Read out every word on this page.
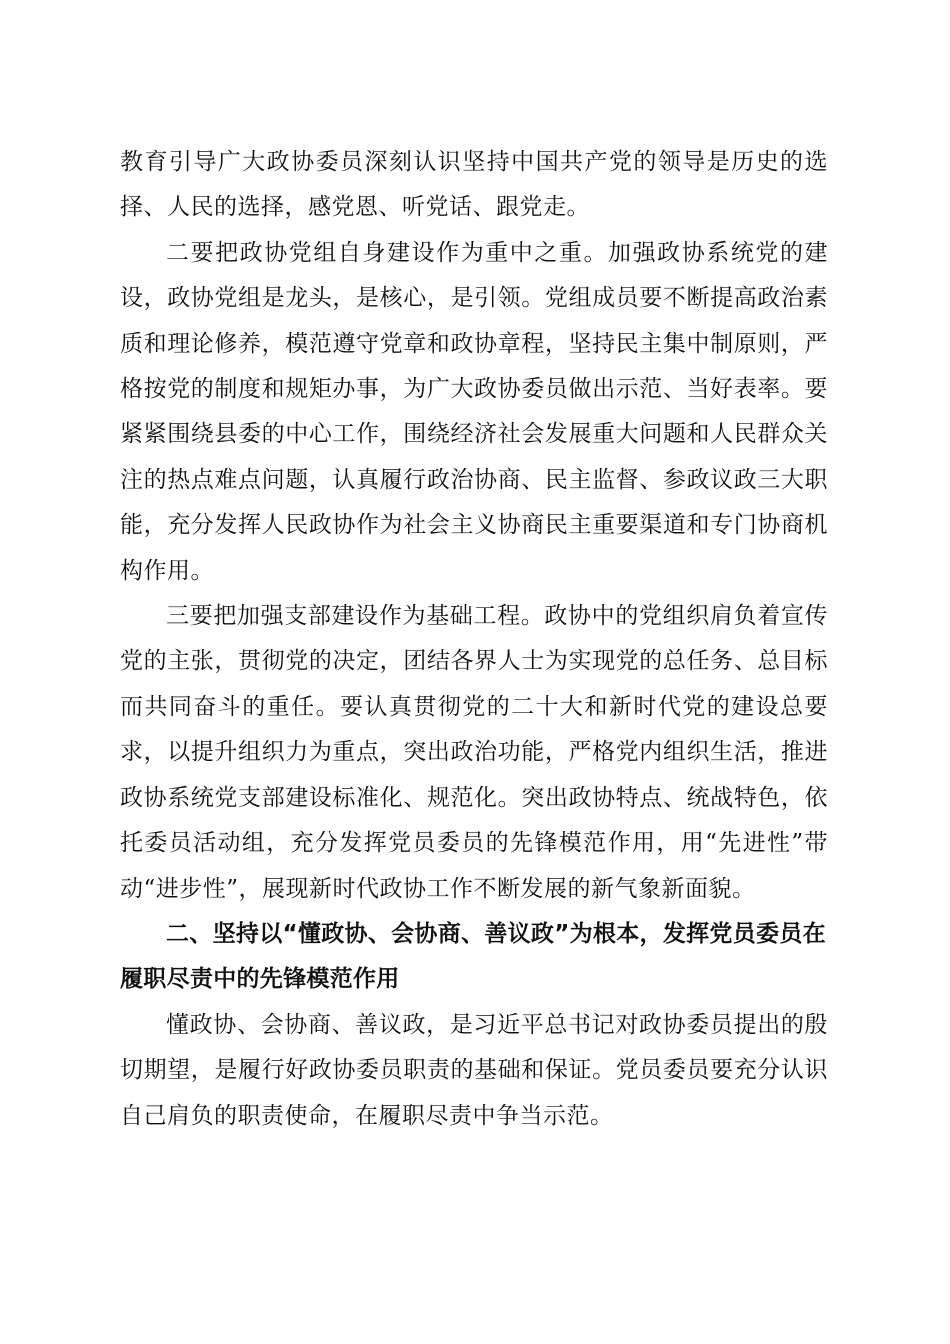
教育引导广大政协委员深刻认识坚持中国共产党的领导是历史的选择、人民的选择，感党恩、听党话、跟党走。

二要把政协党组自身建设作为重中之重。加强政协系统党的建设，政协党组是龙头，是核心，是引领。党组成员要不断提高政治素质和理论修养，模范遵守党章和政协章程，坚持民主集中制原则，严格按党的制度和规矩办事，为广大政协委员做出示范、当好表率。要紧紧围绕县委的中心工作，围绕经济社会发展重大问题和人民群众关注的热点难点问题，认真履行政治协商、民主监督、参政议政三大职能，充分发挥人民政协作为社会主义协商民主重要渠道和专门协商机构作用。

三要把加强支部建设作为基础工程。政协中的党组织肩负着宣传党的主张，贯彻党的决定，团结各界人士为实现党的总任务、总目标而共同奋斗的重任。要认真贯彻党的二十大和新时代党的建设总要求，以提升组织力为重点，突出政治功能，严格党内组织生活，推进政协系统党支部建设标准化、规范化。突出政协特点、统战特色，依托委员活动组，充分发挥党员委员的先锋模范作用，用“先进性”带动“进步性”，展现新时代政协工作不断发展的新气象新面貌。

二、坚持以“懂政协、会协商、善议政”为根本，发挥党员委员在履职尽责中的先锋模范作用

懂政协、会协商、善议政，是习近平总书记对政协委员提出的殷切期望，是履行好政协委员职责的基础和保证。党员委员要充分认识自己肩负的职责使命，在履职尽责中争当示范。
